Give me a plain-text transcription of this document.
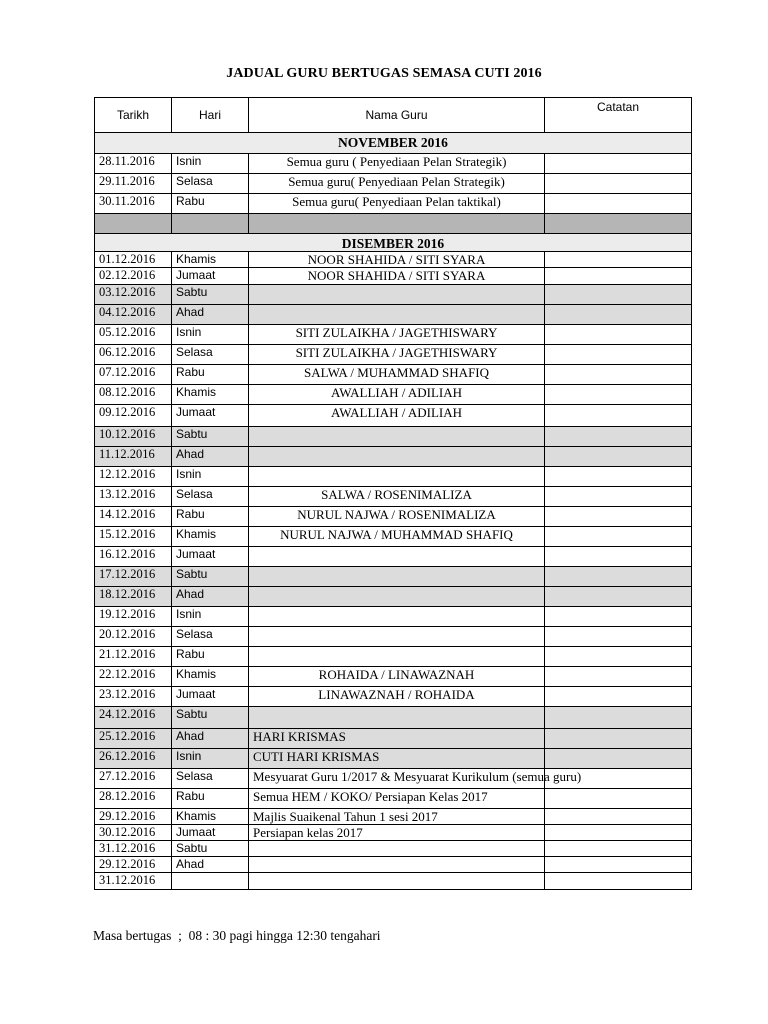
JADUAL GURU BERTUGAS SEMASA CUTI 2016
Tarikh	Hari	Nama Guru	Catatan
NOVEMBER 2016			
28.11.2016	Isnin	Semua guru ( Penyediaan Pelan Strategik)	
29.11.2016	Selasa	Semua guru( Penyediaan Pelan Strategik)	
30.11.2016	Rabu	Semua guru( Penyediaan Pelan taktikal)	

DISEMBER 2016			
01.12.2016	Khamis	NOOR SHAHIDA / SITI SYARA	
02.12.2016	Jumaat	NOOR SHAHIDA / SITI SYARA	
03.12.2016	Sabtu		
04.12.2016	Ahad		
05.12.2016	Isnin	SITI ZULAIKHA / JAGETHISWARY	
06.12.2016	Selasa	SITI ZULAIKHA / JAGETHISWARY	
07.12.2016	Rabu	SALWA / MUHAMMAD SHAFIQ	
08.12.2016	Khamis	AWALLIAH / ADILIAH	
09.12.2016	Jumaat	AWALLIAH / ADILIAH	
10.12.2016	Sabtu		
11.12.2016	Ahad		
12.12.2016	Isnin		
13.12.2016	Selasa	SALWA / ROSENIMALIZA	
14.12.2016	Rabu	NURUL NAJWA / ROSENIMALIZA	
15.12.2016	Khamis	NURUL NAJWA / MUHAMMAD SHAFIQ	
16.12.2016	Jumaat		
17.12.2016	Sabtu		
18.12.2016	Ahad		
19.12.2016	Isnin		
20.12.2016	Selasa		
21.12.2016	Rabu		
22.12.2016	Khamis	ROHAIDA / LINAWAZNAH	
23.12.2016	Jumaat	LINAWAZNAH / ROHAIDA	
24.12.2016	Sabtu		
25.12.2016	Ahad	HARI KRISMAS	
26.12.2016	Isnin	CUTI HARI KRISMAS	
27.12.2016	Selasa	Mesyuarat Guru 1/2017 & Mesyuarat Kurikulum (semua guru)	
28.12.2016	Rabu	Semua HEM / KOKO/ Persiapan Kelas 2017	
29.12.2016	Khamis	Majlis Suaikenal Tahun 1 sesi 2017	
30.12.2016	Jumaat	Persiapan kelas 2017	
31.12.2016	Sabtu		
29.12.2016	Ahad		
31.12.2016			
Masa bertugas  ;  08 : 30 pagi hingga 12:30 tengahari
